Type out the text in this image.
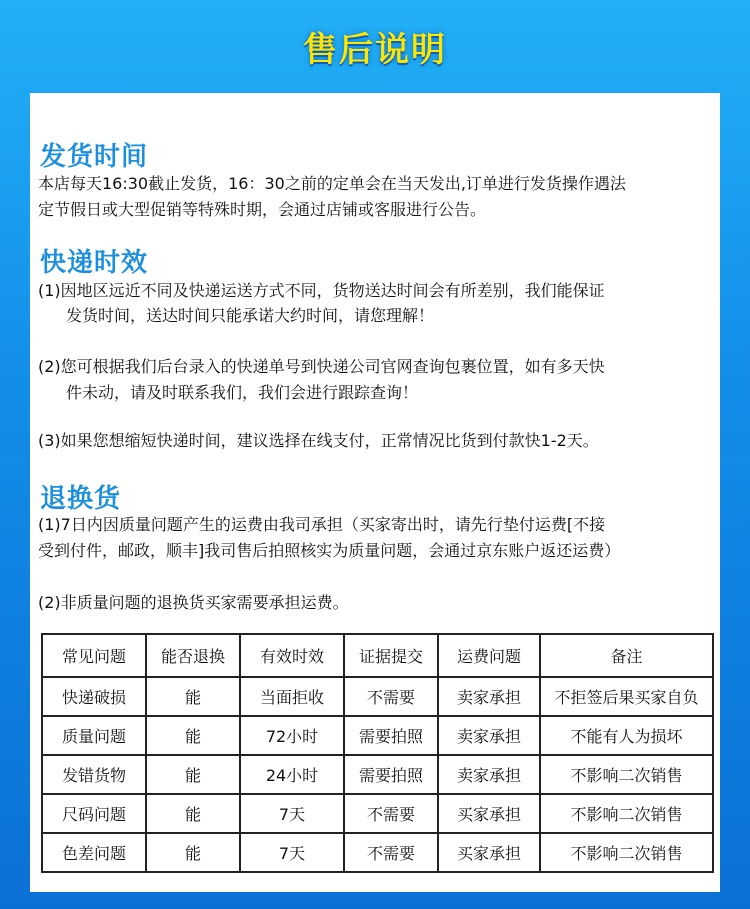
售后说明
发货时间
本店每天16:30截止发货，16：30之前的定单会在当天发出,订单进行发货操作遇法
定节假日或大型促销等特殊时期，会通过店铺或客服进行公告。
快递时效
(1)因地区远近不同及快递运送方式不同，货物送达时间会有所差别，我们能保证
发货时间，送达时间只能承诺大约时间，请您理解！
(2)您可根据我们后台录入的快递单号到快递公司官网查询包裹位置，如有多天快
件未动，请及时联系我们，我们会进行跟踪查询！
(3)如果您想缩短快递时间，建议选择在线支付，正常情况比货到付款快1-2天。
退换货
(1)7日内因质量问题产生的运费由我司承担（买家寄出时，请先行垫付运费[不接
受到付件，邮政，顺丰]我司售后拍照核实为质量问题，会通过京东账户返还运费）
(2)非质量问题的退换货买家需要承担运费。
常见问题	能否退换	有效时效	证据提交	运费问题	备注
快递破损	能	当面拒收	不需要	卖家承担	不拒签后果买家自负
质量问题	能	72小时	需要拍照	卖家承担	不能有人为损坏
发错货物	能	24小时	需要拍照	卖家承担	不影响二次销售
尺码问题	能	7天	不需要	买家承担	不影响二次销售
色差问题	能	7天	不需要	买家承担	不影响二次销售
